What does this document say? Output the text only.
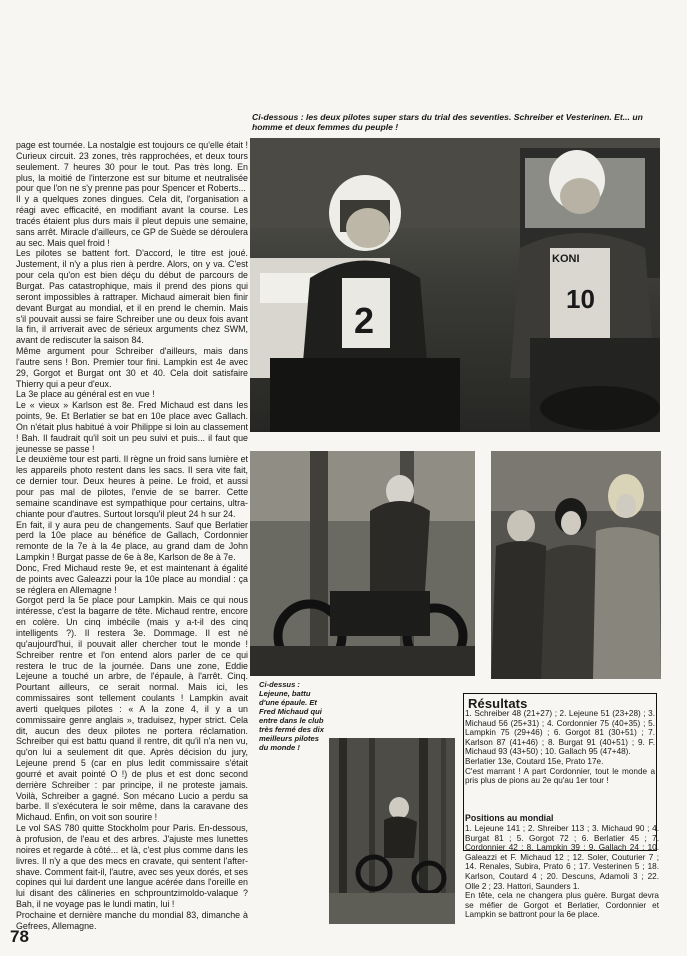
Ci-dessous : les deux pilotes super stars du trial des seventies. Schreiber et Vesterinen. Et... un homme et deux femmes du peuple !

page est tournée. La nostalgie est toujours ce qu'elle était ! Curieux circuit. 23 zones, très rapprochées, et deux tours seulement. 7 heures 30 pour le tout. Pas très long. En plus, la moitié de l'interzone est sur bitume et neutralisée pour que l'on ne s'y prenne pas pour Spencer et Roberts...

Il y a quelques zones dingues. Cela dit, l'organisation a réagi avec efficacité, en modifiant avant la course. Les tracés étaient plus durs mais il pleut depuis une semaine, sans arrêt. Miracle d'ailleurs, ce GP de Suède se déroulera au sec. Mais quel froid !

Les pilotes se battent fort. D'accord, le titre est joué. Justement, il n'y a plus rien à perdre. Alors, on y va. C'est pour cela qu'on est bien déçu du début de parcours de Burgat. Pas catastrophique, mais il prend des pions qui seront impossibles à rattraper. Michaud aimerait bien finir devant Burgat au mondial, et il en prend le chemin. Mais s'il pouvait aussi se faire Schreiber une ou deux fois avant la fin, il arriverait avec de sérieux arguments chez SWM, avant de rediscuter la saison 84.

Même argument pour Schreiber d'ailleurs, mais dans l'autre sens ! Bon. Premier tour fini. Lampkin est 4e avec 29, Gorgot et Burgat ont 30 et 40. Cela doit satisfaire Thierry qui a peur d'eux.

La 3e place au général est en vue !

Le « vieux » Karlson est 8e. Fred Michaud est dans les points, 9e. Et Berlatier se bat en 10e place avec Gallach. On n'était plus habitué à voir Philippe si loin au classement ! Bah. Il faudrait qu'il soit un peu suivi et puis... il faut que jeunesse se passe !

Le deuxième tour est parti. Il règne un froid sans lumière et les appareils photo restent dans les sacs. Il sera vite fait, ce dernier tour. Deux heures à peine. Le froid, et aussi pour pas mal de pilotes, l'envie de se barrer. Cette semaine scandinave est sympathique pour certains, ultra-chiante pour d'autres. Surtout lorsqu'il pleut 24 h sur 24.

En fait, il y aura peu de changements. Sauf que Berlatier perd la 10e place au bénéfice de Gallach, Cordonnier remonte de la 7e à la 4e place, au grand dam de John Lampkin ! Burgat passe de 6e à 8e, Karlson de 8e à 7e.

Donc, Fred Michaud reste 9e, et est maintenant à égalité de points avec Galeazzi pour la 10e place au mondial : ça se réglera en Allemagne !

Gorgot perd la 5e place pour Lampkin. Mais ce qui nous intéresse, c'est la bagarre de tête. Michaud rentre, encore en colère. Un cinq imbécile (mais y a-t-il des cinq intelligents ?). Il restera 3e. Dommage. Il est né qu'aujourd'hui, il pouvait aller chercher tout le monde ! Schreiber rentre et l'on entend alors parler de ce qui restera le truc de la journée. Dans une zone, Eddie Lejeune a touché un arbre, de l'épaule, à l'arrêt. Cinq. Pourtant ailleurs, ce serait normal. Mais ici, les commissaires sont tellement coulants ! Lampkin avait averti quelques pilotes : « A la zone 4, il y a un commissaire genre anglais », traduisez, hyper strict. Cela dit, aucun des deux pilotes ne portera réclamation. Schreiber qui est battu quand il rentre, dit qu'il n'a nen vu, qu'on lui a seulement dit que. Après décision du jury, Lejeune prend 5 (car en plus ledit commissaire s'était gourré et avait pointé O !) de plus et est donc second derrière Schreiber : par principe, il ne proteste jamais. Voilà, Schreiber a gagné. Son mécano Lucio a perdu sa barbe. Il s'exécutera le soir même, dans la caravane des Michaud. Enfin, on voit son sourire !

Le vol SAS 780 quitte Stockholm pour Paris. En-dessous, à profusion, de l'eau et des arbres. J'ajuste mes lunettes noires et regarde à côté... et là, c'est plus comme dans les livres. Il n'y a que des mecs en cravate, qui sentent l'after-shave. Comment fait-il, l'autre, avec ses yeux dorés, et ses copines qui lui dardent une langue acérée dans l'oreille en lui disant des câlineries en schprountzimoldo-valaque ? Bah, il ne voyage pas le lundi matin, lui !

Prochaine et dernière manche du mondial 83, dimanche à Gefrees, Allemagne.

2
KONI
10
Ci-dessus : Lejeune, battu d'une épaule. Et Fred Michaud qui entre dans le club très fermé des dix meilleurs pilotes du monde !
Résultats

1. Schreiber 48 (21+27) ; 2. Lejeune 51 (23+28) ; 3. Michaud 56 (25+31) ; 4. Cordonnier 75 (40+35) ; 5. Lampkin 75 (29+46) ; 6. Gorgot 81 (30+51) ; 7. Karlson 87 (41+46) ; 8. Burgat 91 (40+51) ; 9. F. Michaud 93 (43+50) ; 10. Gallach 95 (47+48).

Berlatier 13e, Coutard 15e, Prato 17e.

C'est marrant ! A part Cordonnier, tout le monde a pris plus de pions au 2e qu'au 1er tour !

Positions au mondial

1. Lejeune 141 ; 2. Shreiber 113 ; 3. Michaud 90 ; 4. Burgat 81 ; 5. Gorgot 72 ; 6. Berlatier 45 ; 7. Cordonnier 42 ; 8. Lampkin 39 ; 9. Gallach 24 ; 10. Galeazzi et F. Michaud 12 ; 12. Soler, Couturier 7 ; 14. Renales, Subira, Prato 6 ; 17. Vesterinen 5 ; 18. Karlson, Coutard 4 ; 20. Descuns, Adamoli 3 ; 22. Olle 2 ; 23. Hattori, Saunders 1.

En tête, cela ne changera plus guère. Burgat devra se méfier de Gorgot et Berlatier, Cordonnier et Lampkin se battront pour la 6e place.

78
